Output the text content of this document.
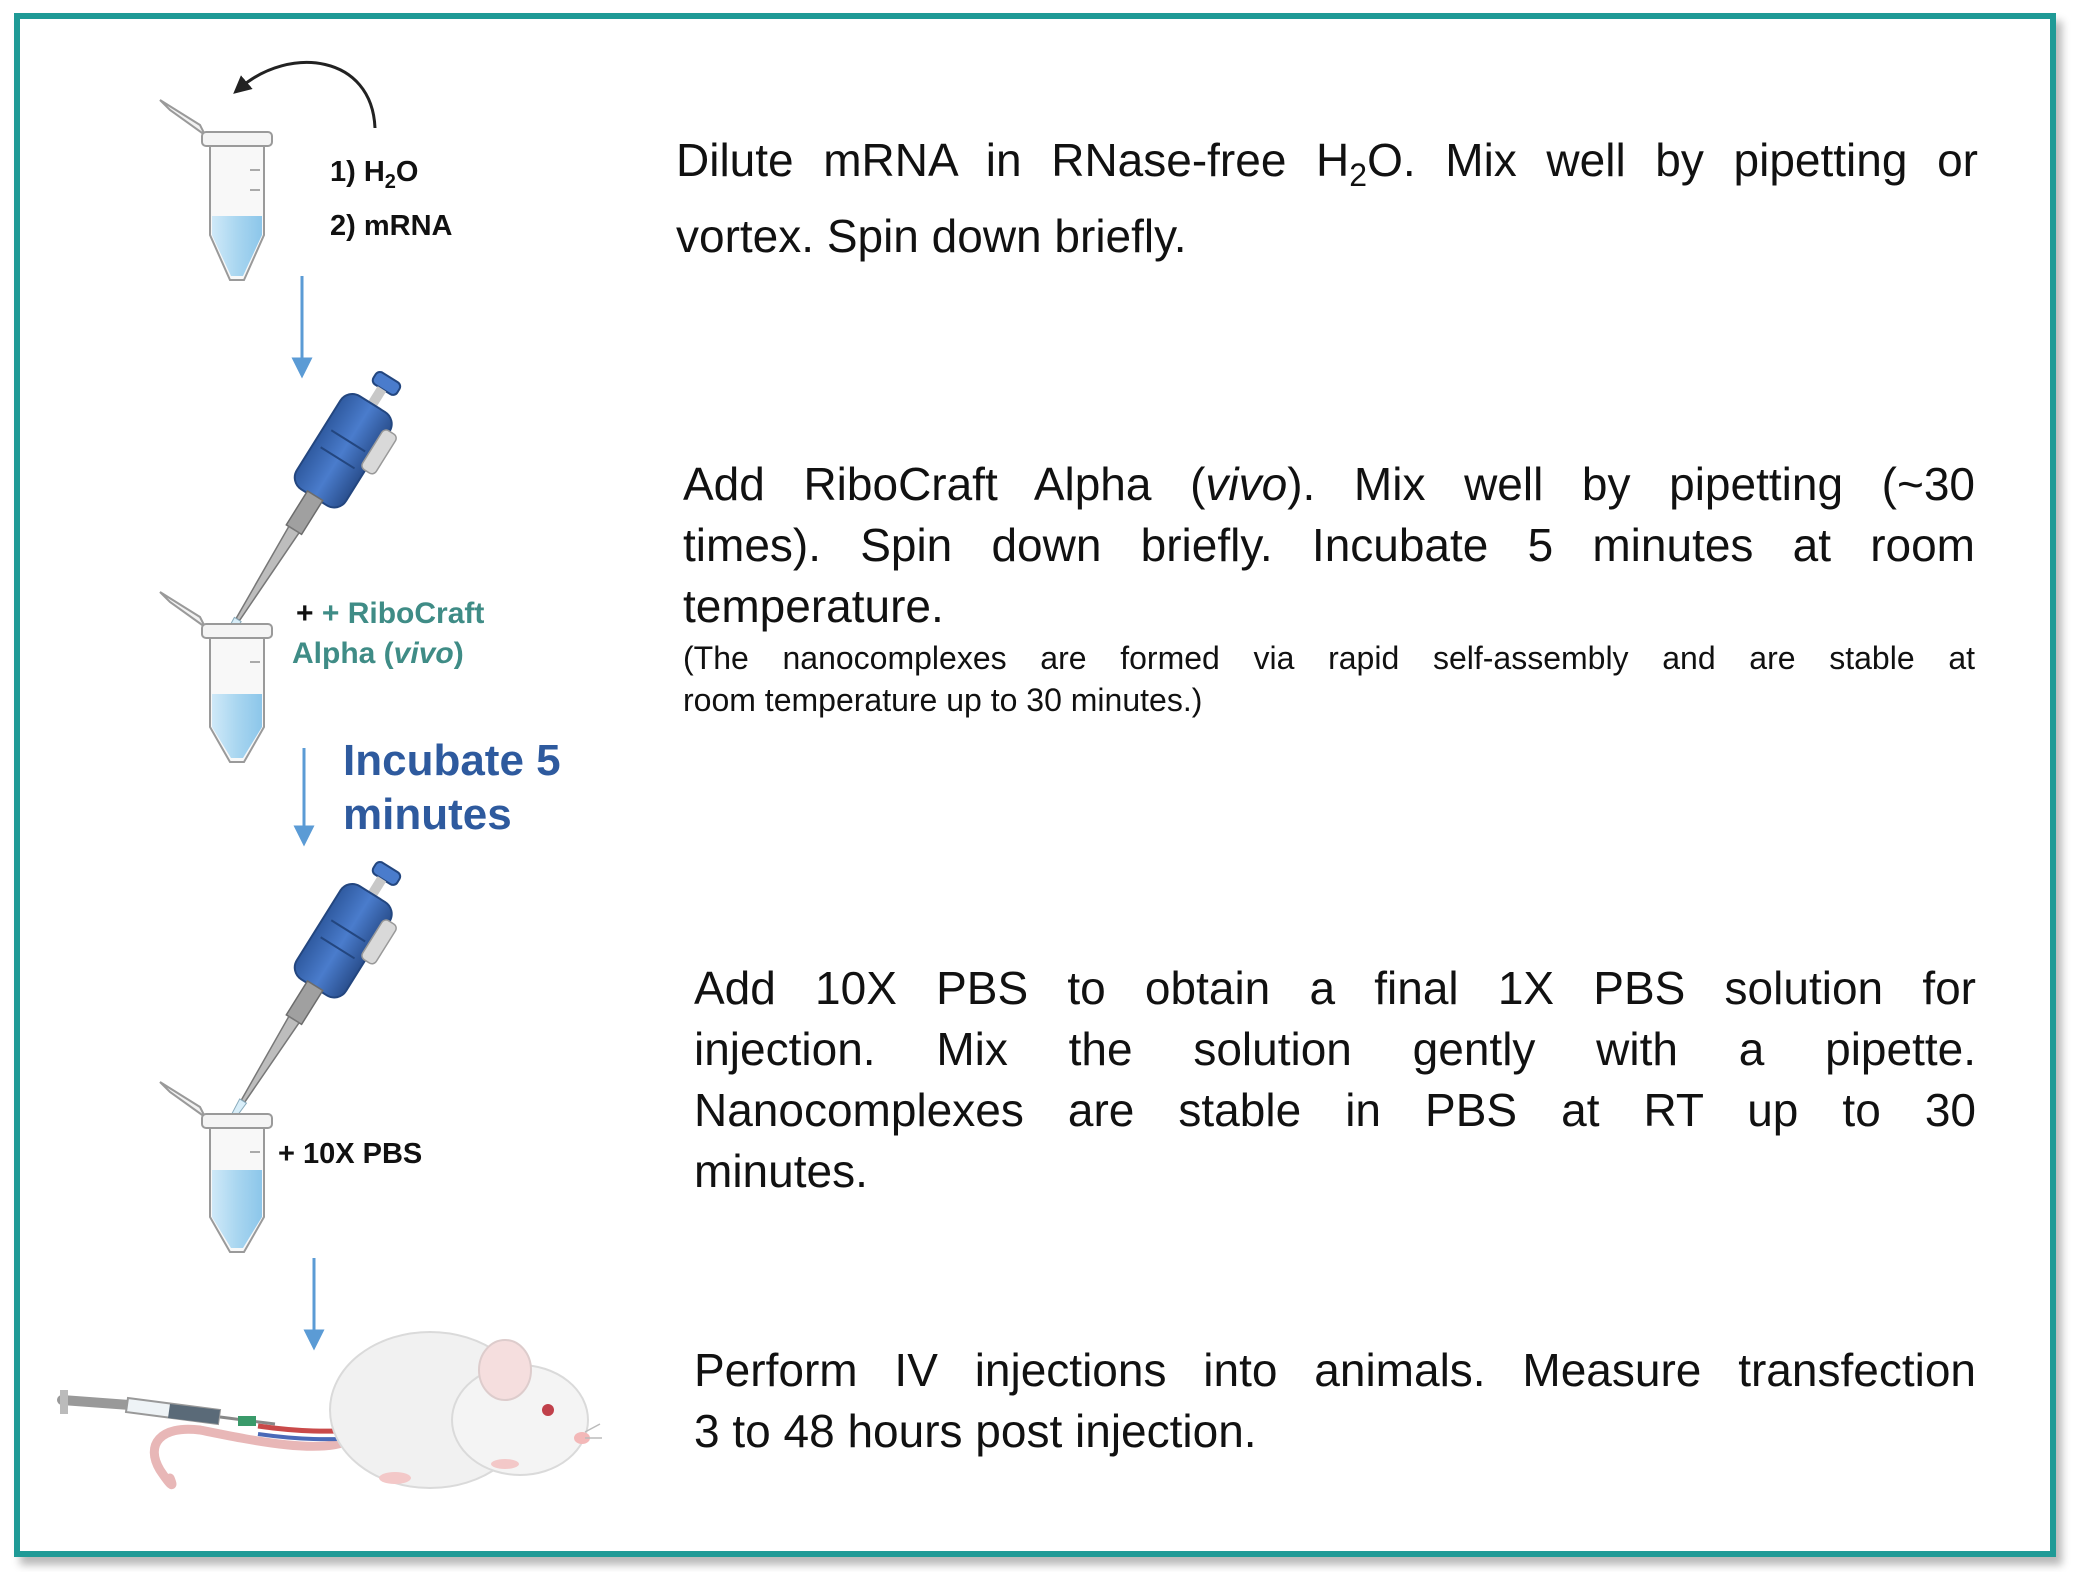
1) $H_2O$
2) mRNA
+ + RiboCraft
Alpha (vivo)
Incubate 5
minutes
+ 10X PBS
Dilute mRNA in RNase-free $H_2O$. Mix well by pipetting or
vortex. Spin down briefly.
Add RiboCraft Alpha (vivo). Mix well by pipetting (~30
times). Spin down briefly. Incubate 5 minutes at room
temperature.
(The nanocomplexes are formed via rapid self-assembly and are stable at
room temperature up to 30 minutes.)
Add 10X PBS to obtain a final 1X PBS solution for
injection. Mix the solution gently with a pipette.
Nanocomplexes are stable in PBS at RT up to 30
minutes.
Perform IV injections into animals. Measure transfection
3 to 48 hours post injection.
